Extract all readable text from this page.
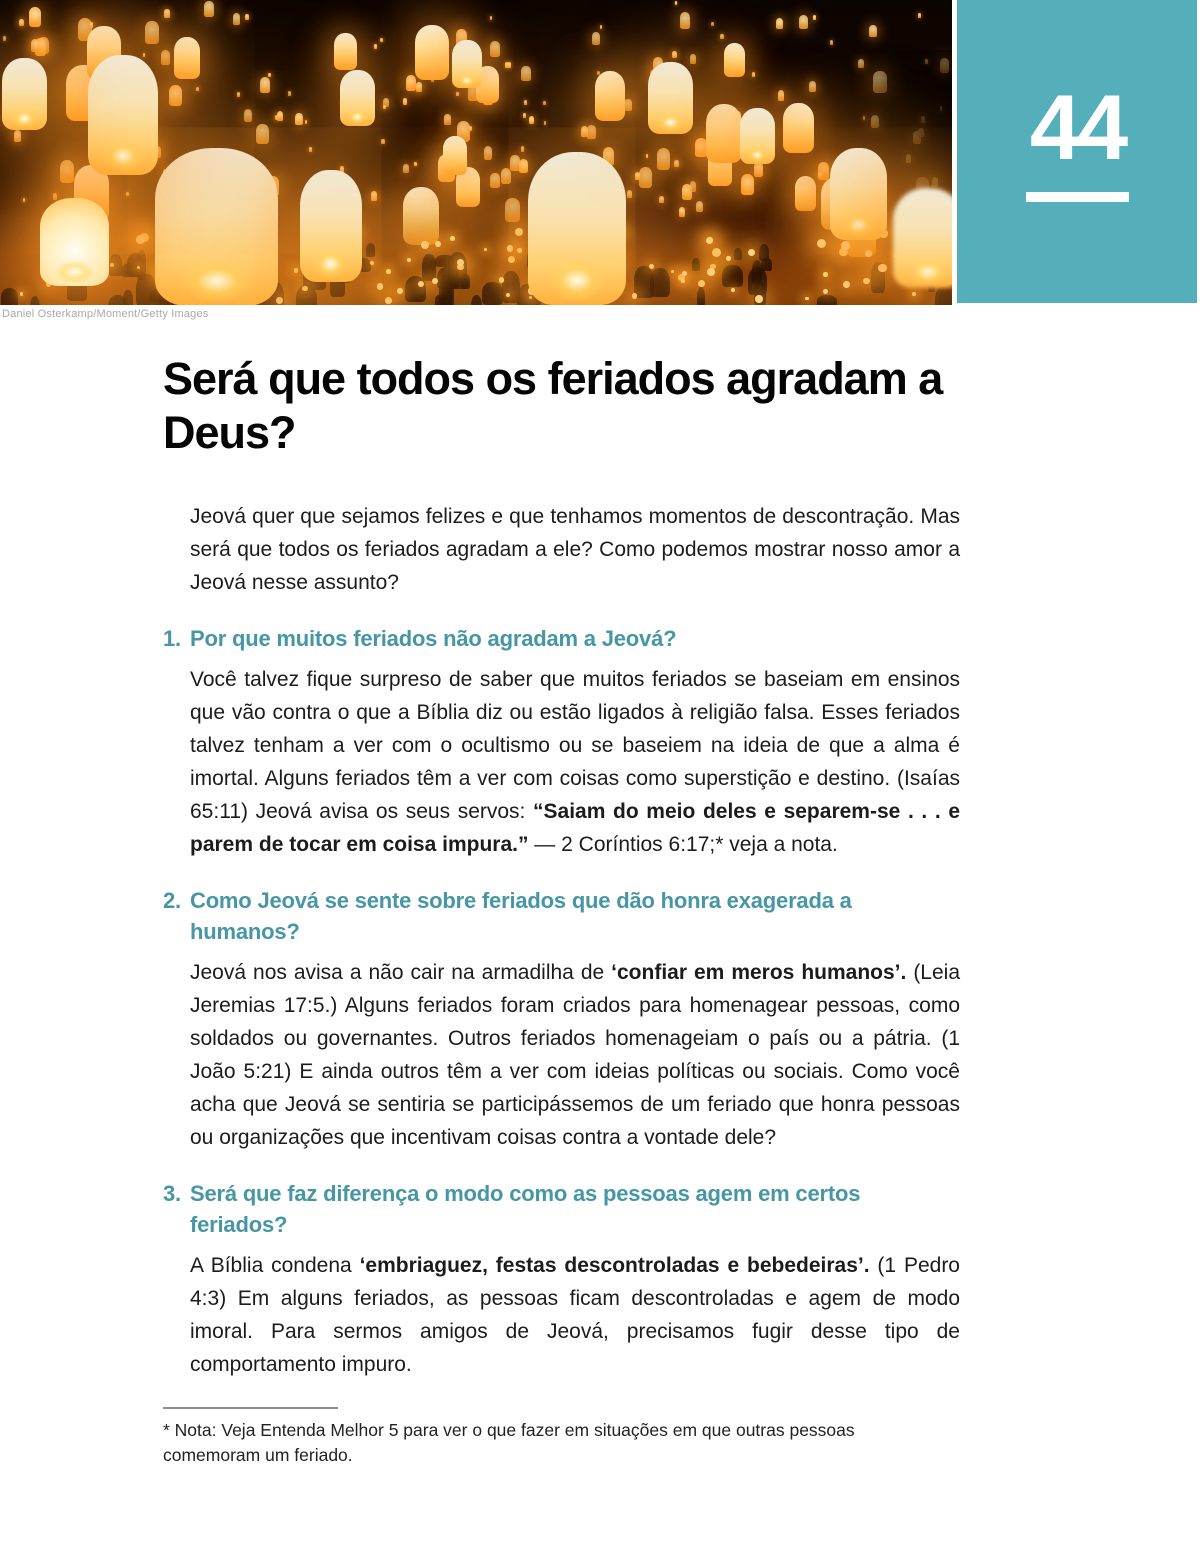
44
Daniel Osterkamp/Moment/Getty Images
Será que todos os feriados agradam a Deus?

Jeová quer que sejamos felizes e que tenhamos momentos de descontração. Mas será que todos os feriados agradam a ele? Como podemos mostrar nosso amor a Jeová nesse assunto?

1. Por que muitos feriados não agradam a Jeová?

Você talvez fique surpreso de saber que muitos feriados se baseiam em ensinos que vão contra o que a Bíblia diz ou estão ligados à religião falsa. Esses feriados talvez tenham a ver com o ocultismo ou se baseiem na ideia de que a alma é imortal. Alguns feriados têm a ver com coisas como superstição e destino. (Isaías 65:11) Jeová avisa os seus servos: “Saiam do meio deles e separem-se . . . e parem de tocar em coisa impura.” — 2 Coríntios 6:17;* veja a nota.

2. Como Jeová se sente sobre feriados que dão honra exagerada a humanos?

Jeová nos avisa a não cair na armadilha de ‘confiar em meros humanos’. (Leia Jeremias 17:5.) Alguns feriados foram criados para homenagear pessoas, como soldados ou governantes. Outros feriados homenageiam o país ou a pátria. (1 João 5:21) E ainda outros têm a ver com ideias políticas ou sociais. Como você acha que Jeová se sentiria se participássemos de um feriado que honra pessoas ou organizações que incentivam coisas contra a vontade dele?

3. Será que faz diferença o modo como as pessoas agem em certos feriados?

A Bíblia condena ‘embriaguez, festas descontroladas e bebedeiras’. (1 Pedro 4:3) Em alguns feriados, as pessoas ficam descontroladas e agem de modo imoral. Para sermos amigos de Jeová, precisamos fugir desse tipo de comportamento impuro.

* Nota: Veja Entenda Melhor 5 para ver o que fazer em situações em que outras pessoas comemoram um feriado.
